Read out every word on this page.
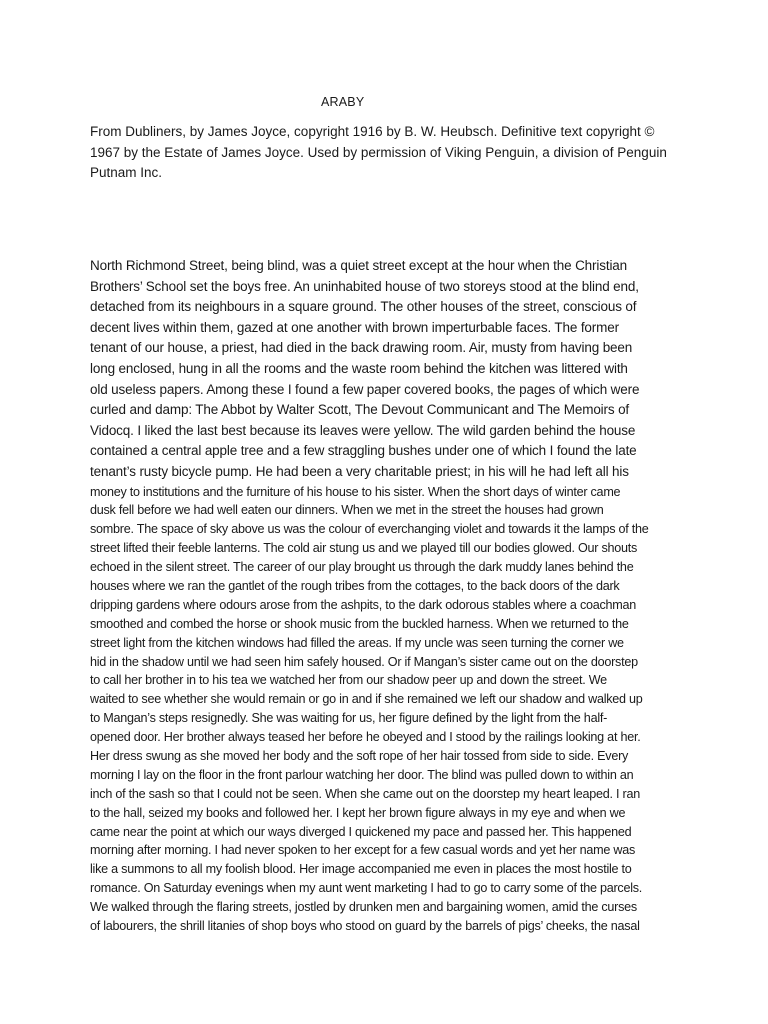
ARABY

From Dubliners, by James Joyce, copyright 1916 by B. W. Heubsch. Definitive text copyright © 1967 by the Estate of James Joyce. Used by permission of Viking Penguin, a division of Penguin Putnam Inc.

North Richmond Street, being blind, was a quiet street except at the hour when the Christian
Brothers’ School set the boys free. An uninhabited house of two storeys stood at the blind end,
detached from its neighbours in a square ground. The other houses of the street, conscious of
decent lives within them, gazed at one another with brown imperturbable faces. The former
tenant of our house, a priest, had died in the back drawing room. Air, musty from having been
long enclosed, hung in all the rooms and the waste room behind the kitchen was littered with
old useless papers. Among these I found a few paper covered books, the pages of which were
curled and damp: The Abbot by Walter Scott, The Devout Communicant and The Memoirs of
Vidocq. I liked the last best because its leaves were yellow. The wild garden behind the house
contained a central apple tree and a few straggling bushes under one of which I found the late
tenant’s rusty bicycle pump. He had been a very charitable priest; in his will he had left all his
money to institutions and the furniture of his house to his sister. When the short days of winter came
dusk fell before we had well eaten our dinners. When we met in the street the houses had grown
sombre. The space of sky above us was the colour of everchanging violet and towards it the lamps of the
street lifted their feeble lanterns. The cold air stung us and we played till our bodies glowed. Our shouts
echoed in the silent street. The career of our play brought us through the dark muddy lanes behind the
houses where we ran the gantlet of the rough tribes from the cottages, to the back doors of the dark
dripping gardens where odours arose from the ashpits, to the dark odorous stables where a coachman
smoothed and combed the horse or shook music from the buckled harness. When we returned to the
street light from the kitchen windows had filled the areas. If my uncle was seen turning the corner we
hid in the shadow until we had seen him safely housed. Or if Mangan’s sister came out on the doorstep
to call her brother in to his tea we watched her from our shadow peer up and down the street. We
waited to see whether she would remain or go in and if she remained we left our shadow and walked up
to Mangan’s steps resignedly. She was waiting for us, her figure defined by the light from the half-
opened door. Her brother always teased her before he obeyed and I stood by the railings looking at her.
Her dress swung as she moved her body and the soft rope of her hair tossed from side to side. Every
morning I lay on the floor in the front parlour watching her door. The blind was pulled down to within an
inch of the sash so that I could not be seen. When she came out on the doorstep my heart leaped. I ran
to the hall, seized my books and followed her. I kept her brown figure always in my eye and when we
came near the point at which our ways diverged I quickened my pace and passed her. This happened
morning after morning. I had never spoken to her except for a few casual words and yet her name was
like a summons to all my foolish blood. Her image accompanied me even in places the most hostile to
romance. On Saturday evenings when my aunt went marketing I had to go to carry some of the parcels.
We walked through the flaring streets, jostled by drunken men and bargaining women, amid the curses
of labourers, the shrill litanies of shop boys who stood on guard by the barrels of pigs’ cheeks, the nasal
